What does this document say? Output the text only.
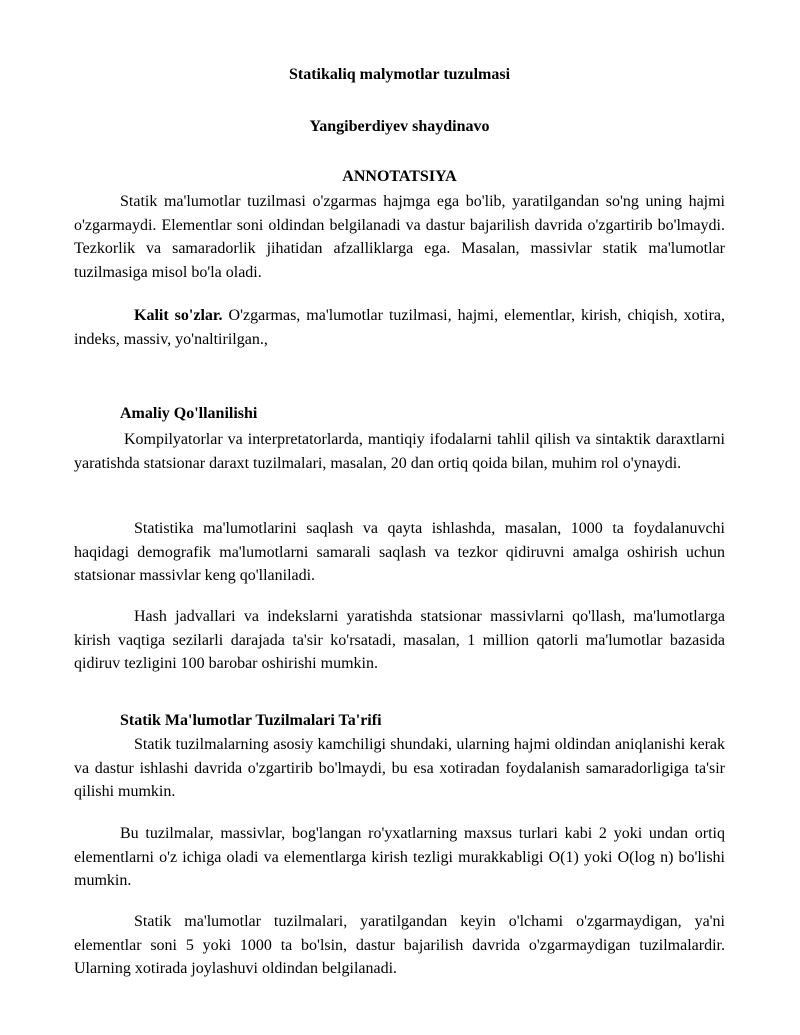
Statikaliq malymotlar tuzulmasi
Yangiberdiyev shaydinavo
ANNOTATSIYA

Statik ma'lumotlar tuzilmasi o'zgarmas hajmga ega bo'lib, yaratilgandan so'ng uning hajmi o'zgarmaydi. Elementlar soni oldindan belgilanadi va dastur bajarilish davrida o'zgartirib bo'lmaydi. Tezkorlik va samaradorlik jihatidan afzalliklarga ega. Masalan, massivlar statik ma'lumotlar tuzilmasiga misol bo'la oladi.

Kalit so'zlar. O'zgarmas, ma'lumotlar tuzilmasi, hajmi, elementlar, kirish, chiqish, xotira, indeks, massiv, yo'naltirilgan.,

Amaliy Qo'llanilishi

Kompilyatorlar va interpretatorlarda, mantiqiy ifodalarni tahlil qilish va sintaktik daraxtlarni yaratishda statsionar daraxt tuzilmalari, masalan, 20 dan ortiq qoida bilan, muhim rol o'ynaydi.

Statistika ma'lumotlarini saqlash va qayta ishlashda, masalan, 1000 ta foydalanuvchi haqidagi demografik ma'lumotlarni samarali saqlash va tezkor qidiruvni amalga oshirish uchun statsionar massivlar keng qo'llaniladi.

Hash jadvallari va indekslarni yaratishda statsionar massivlarni qo'llash, ma'lumotlarga kirish vaqtiga sezilarli darajada ta'sir ko'rsatadi, masalan, 1 million qatorli ma'lumotlar bazasida qidiruv tezligini 100 barobar oshirishi mumkin.

Statik Ma'lumotlar Tuzilmalari Ta'rifi

Statik tuzilmalarning asosiy kamchiligi shundaki, ularning hajmi oldindan aniqlanishi kerak va dastur ishlashi davrida o'zgartirib bo'lmaydi, bu esa xotiradan foydalanish samaradorligiga ta'sir qilishi mumkin.

Bu tuzilmalar, massivlar, bog'langan ro'yxatlarning maxsus turlari kabi 2 yoki undan ortiq elementlarni o'z ichiga oladi va elementlarga kirish tezligi murakkabligi O(1) yoki O(log n) bo'lishi mumkin.

Statik ma'lumotlar tuzilmalari, yaratilgandan keyin o'lchami o'zgarmaydigan, ya'ni elementlar soni 5 yoki 1000 ta bo'lsin, dastur bajarilish davrida o'zgarmaydigan tuzilmalardir. Ularning xotirada joylashuvi oldindan belgilanadi.
